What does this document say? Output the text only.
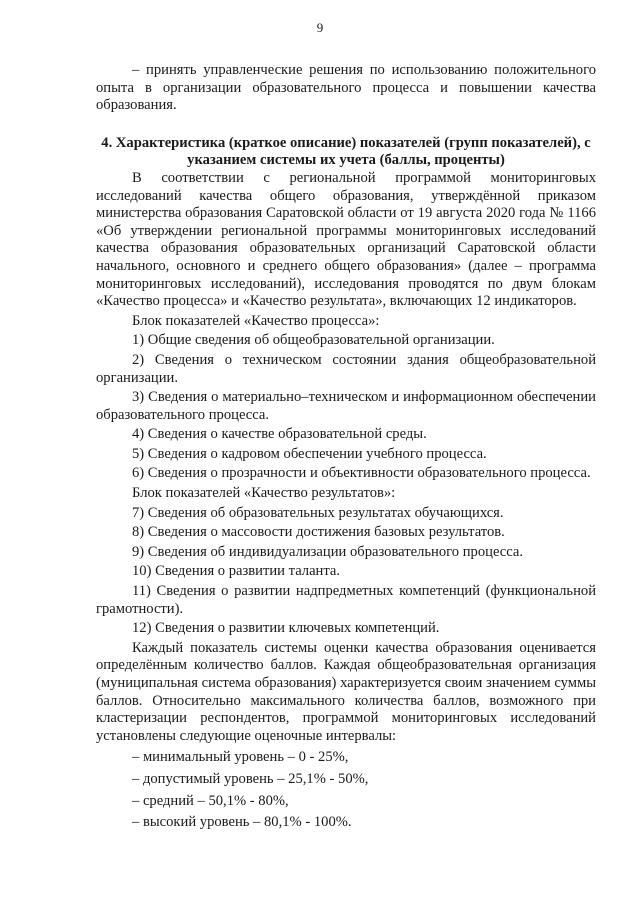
9

– принять управленческие решения по использованию положительного опыта в организации образовательного процесса и повышении качества образования.

4. Характеристика (краткое описание) показателей (групп показателей), с указанием системы их учета (баллы, проценты)

В соответствии с региональной программой мониторинговых исследований качества общего образования, утверждённой приказом министерства образования Саратовской области от 19 августа 2020 года № 1166 «Об утверждении региональной программы мониторинговых исследований качества образования образовательных организаций Саратовской области начального, основного и среднего общего образования» (далее – программа мониторинговых исследований), исследования проводятся по двум блокам «Качество процесса» и «Качество результата», включающих 12 индикаторов.

Блок показателей «Качество процесса»:

1) Общие сведения об общеобразовательной организации.

2) Сведения о техническом состоянии здания общеобразовательной организации.

3) Сведения о материально–техническом и информационном обеспечении образовательного процесса.

4) Сведения о качестве образовательной среды.

5) Сведения о кадровом обеспечении учебного процесса.

6) Сведения о прозрачности и объективности образовательного процесса.

Блок показателей «Качество результатов»:

7) Сведения об образовательных результатах обучающихся.

8) Сведения о массовости достижения базовых результатов.

9) Сведения об индивидуализации образовательного процесса.

10) Сведения о развитии таланта.

11) Сведения о развитии надпредметных компетенций (функциональной грамотности).

12) Сведения о развитии ключевых компетенций.

Каждый показатель системы оценки качества образования оценивается определённым количество баллов. Каждая общеобразовательная организация (муниципальная система образования) характеризуется своим значением суммы баллов. Относительно максимального количества баллов, возможного при кластеризации респондентов, программой мониторинговых исследований установлены следующие оценочные интервалы:

– минимальный уровень – 0 - 25%,

– допустимый уровень – 25,1% - 50%,

– средний – 50,1% - 80%,

– высокий уровень – 80,1% - 100%.
